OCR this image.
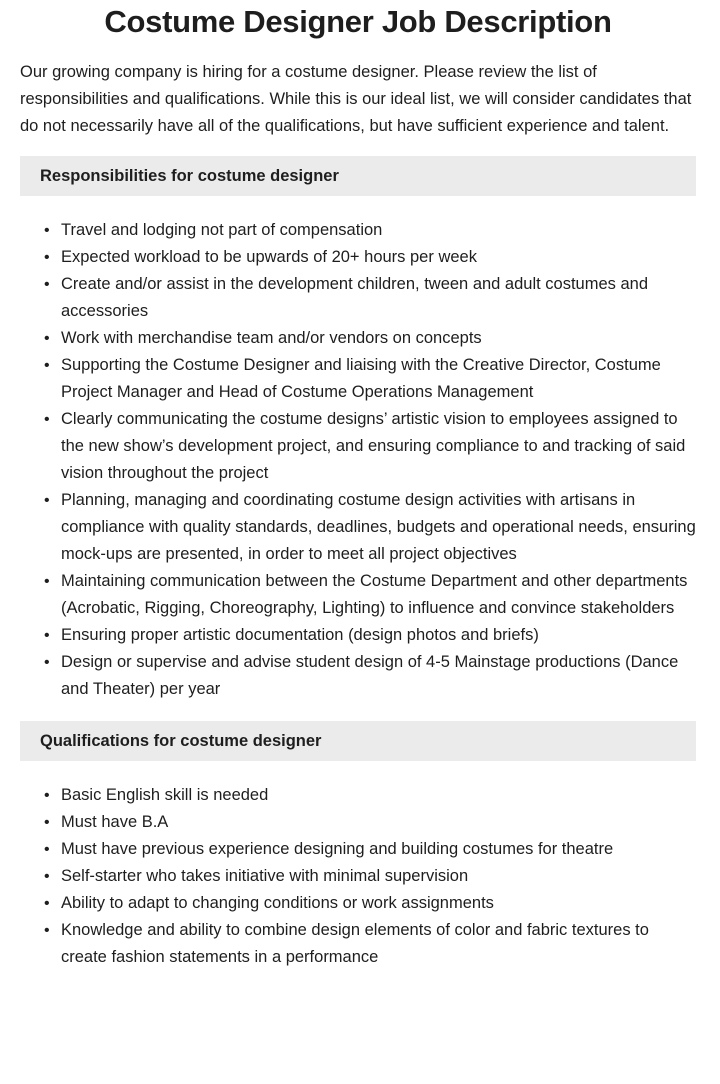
Costume Designer Job Description

Our growing company is hiring for a costume designer. Please review the list of responsibilities and qualifications. While this is our ideal list, we will consider candidates that do not necessarily have all of the qualifications, but have sufficient experience and talent.

Responsibilities for costume designer
• Travel and lodging not part of compensation
• Expected workload to be upwards of 20+ hours per week
• Create and/or assist in the development children, tween and adult costumes and accessories
• Work with merchandise team and/or vendors on concepts
• Supporting the Costume Designer and liaising with the Creative Director, Costume Project Manager and Head of Costume Operations Management
• Clearly communicating the costume designs’ artistic vision to employees assigned to the new show’s development project, and ensuring compliance to and tracking of said vision throughout the project
• Planning, managing and coordinating costume design activities with artisans in compliance with quality standards, deadlines, budgets and operational needs, ensuring mock-ups are presented, in order to meet all project objectives
• Maintaining communication between the Costume Department and other departments (Acrobatic, Rigging, Choreography, Lighting) to influence and convince stakeholders
• Ensuring proper artistic documentation (design photos and briefs)
• Design or supervise and advise student design of 4-5 Mainstage productions (Dance and Theater) per year
Qualifications for costume designer
• Basic English skill is needed
• Must have B.A
• Must have previous experience designing and building costumes for theatre
• Self-starter who takes initiative with minimal supervision
• Ability to adapt to changing conditions or work assignments
• Knowledge and ability to combine design elements of color and fabric textures to create fashion statements in a performance
